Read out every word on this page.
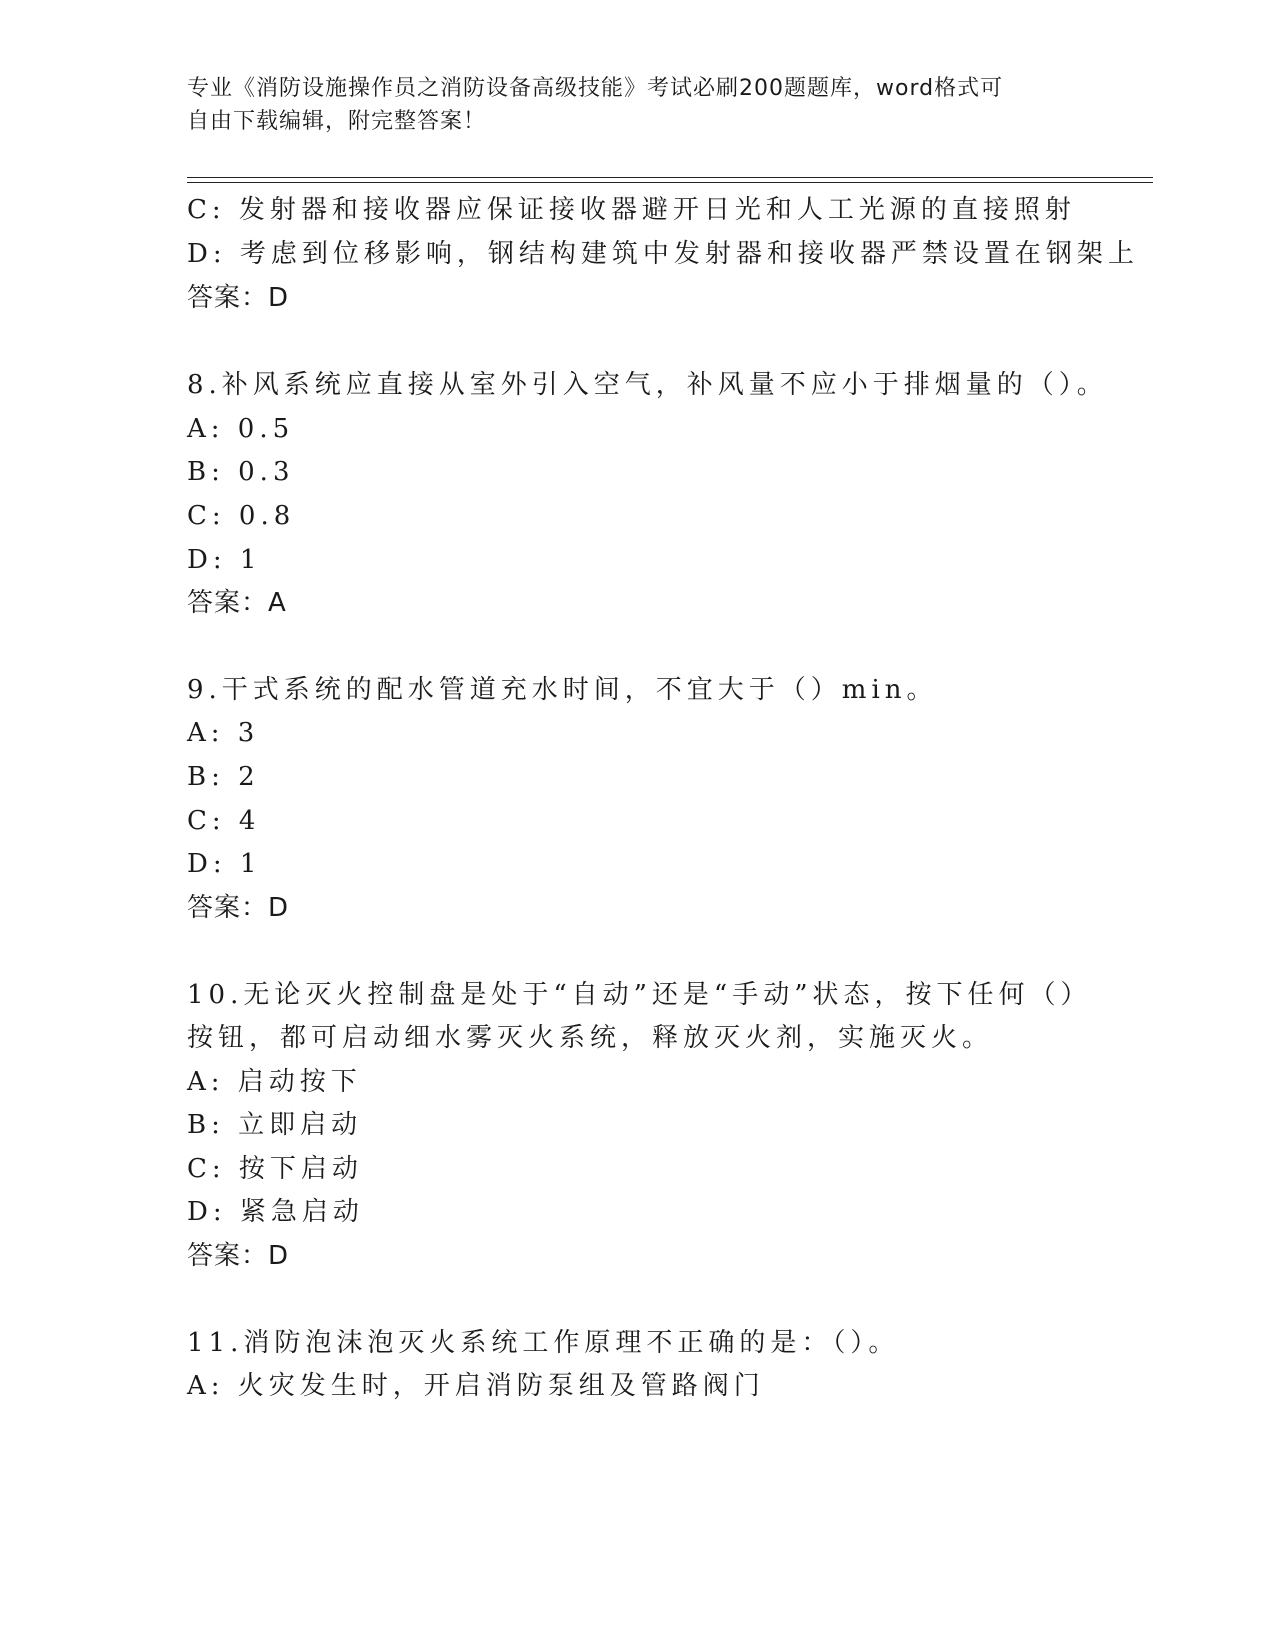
专业《消防设施操作员之消防设备高级技能》考试必刷200题题库，word格式可
自由下载编辑，附完整答案！
C: 发射器和接收器应保证接收器避开日光和人工光源的直接照射
D: 考虑到位移影响，钢结构建筑中发射器和接收器严禁设置在钢架上
答案：D
8.补风系统应直接从室外引入空气，补风量不应小于排烟量的（）。
A: 0.5
B: 0.3
C: 0.8
D: 1
答案：A
9.干式系统的配水管道充水时间，不宜大于（）min。
A: 3
B: 2
C: 4
D: 1
答案：D
10.无论灭火控制盘是处于“自动”还是“手动”状态，按下任何（）
按钮，都可启动细水雾灭火系统，释放灭火剂，实施灭火。
A: 启动按下
B: 立即启动
C: 按下启动
D: 紧急启动
答案：D
11.消防泡沫泡灭火系统工作原理不正确的是：（）。
A: 火灾发生时，开启消防泵组及管路阀门
